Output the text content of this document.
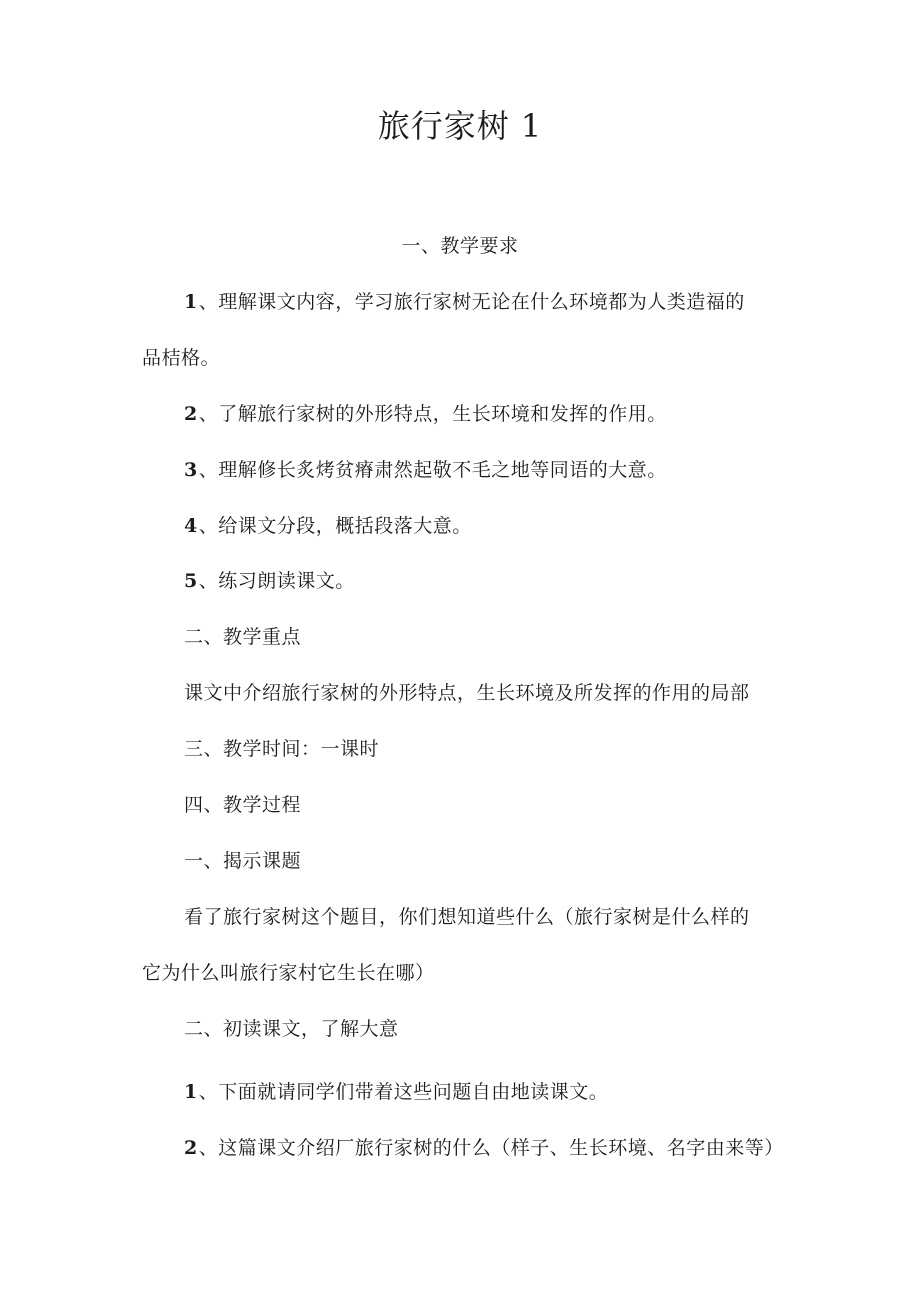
旅行家树 1
一、教学要求
1、理解课文内容，学习旅行家树无论在什么环境都为人类造福的
品桔格。
2、了解旅行家树的外形特点，生长环境和发挥的作用。
3、理解修长炙烤贫瘠肃然起敬不毛之地等同语的大意。
4、给课文分段，概括段落大意。
5、练习朗读课文。
二、教学重点
课文中介绍旅行家树的外形特点，生长环境及所发挥的作用的局部
三、教学时间：一课时
四、教学过程
一、揭示课题
看了旅行家树这个题目，你们想知道些什么（旅行家树是什么样的
它为什么叫旅行家村它生长在哪）
二、初读课文，了解大意
1、下面就请同学们带着这些问题自由地读课文。
2、这篇课文介绍厂旅行家树的什么（样子、生长环境、名字由来等）
